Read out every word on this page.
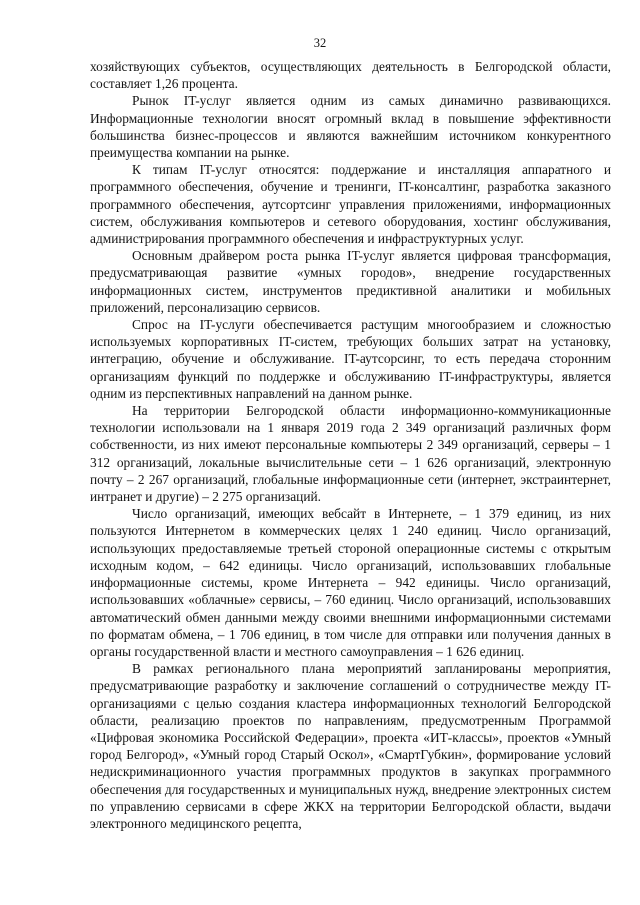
32

хозяйствующих субъектов, осуществляющих деятельность в Белгородской области, составляет 1,26 процента.

Рынок IT-услуг является одним из самых динамично развивающихся. Информационные технологии вносят огромный вклад в повышение эффективности большинства бизнес-процессов и являются важнейшим источником конкурентного преимущества компании на рынке.

К типам IT-услуг относятся: поддержание и инсталляция аппаратного и программного обеспечения, обучение и тренинги, IT-консалтинг, разработка заказного программного обеспечения, аутсортсинг управления приложениями, информационных систем, обслуживания компьютеров и сетевого оборудования, хостинг обслуживания, администрирования программного обеспечения и инфраструктурных услуг.

Основным драйвером роста рынка IT-услуг является цифровая трансформация, предусматривающая развитие «умных городов», внедрение государственных информационных систем, инструментов предиктивной аналитики и мобильных приложений, персонализацию сервисов.

Спрос на IT-услуги обеспечивается растущим многообразием и сложностью используемых корпоративных IT-систем, требующих больших затрат на установку, интеграцию, обучение и обслуживание. IT-аутсорсинг, то есть передача сторонним организациям функций по поддержке и обслуживанию IT-инфраструктуры, является одним из перспективных направлений на данном рынке.

На территории Белгородской области информационно-коммуникационные технологии использовали на 1 января 2019 года 2 349 организаций различных форм собственности, из них имеют персональные компьютеры 2 349 организаций, серверы – 1 312 организаций, локальные вычислительные сети – 1 626 организаций, электронную почту – 2 267 организаций, глобальные информационные сети (интернет, экстраинтернет, интранет и другие) – 2 275 организаций.

Число организаций, имеющих вебсайт в Интернете, – 1 379 единиц, из них пользуются Интернетом в коммерческих целях 1 240 единиц. Число организаций, использующих предоставляемые третьей стороной операционные системы с открытым исходным кодом, – 642 единицы. Число организаций, использовавших глобальные информационные системы, кроме Интернета – 942 единицы. Число организаций, использовавших «облачные» сервисы, – 760 единиц. Число организаций, использовавших автоматический обмен данными между своими внешними информационными системами по форматам обмена, – 1 706 единиц, в том числе для отправки или получения данных в органы государственной власти и местного самоуправления – 1 626 единиц.

В рамках регионального плана мероприятий запланированы мероприятия, предусматривающие разработку и заключение соглашений о сотрудничестве между IT-организациями с целью создания кластера информационных технологий Белгородской области, реализацию проектов по направлениям, предусмотренным Программой «Цифровая экономика Российской Федерации», проекта «ИТ-классы», проектов «Умный город Белгород», «Умный город Старый Оскол», «СмартГубкин», формирование условий недискриминационного участия программных продуктов в закупках программного обеспечения для государственных и муниципальных нужд, внедрение электронных систем по управлению сервисами в сфере ЖКХ на территории Белгородской области, выдачи электронного медицинского рецепта,
